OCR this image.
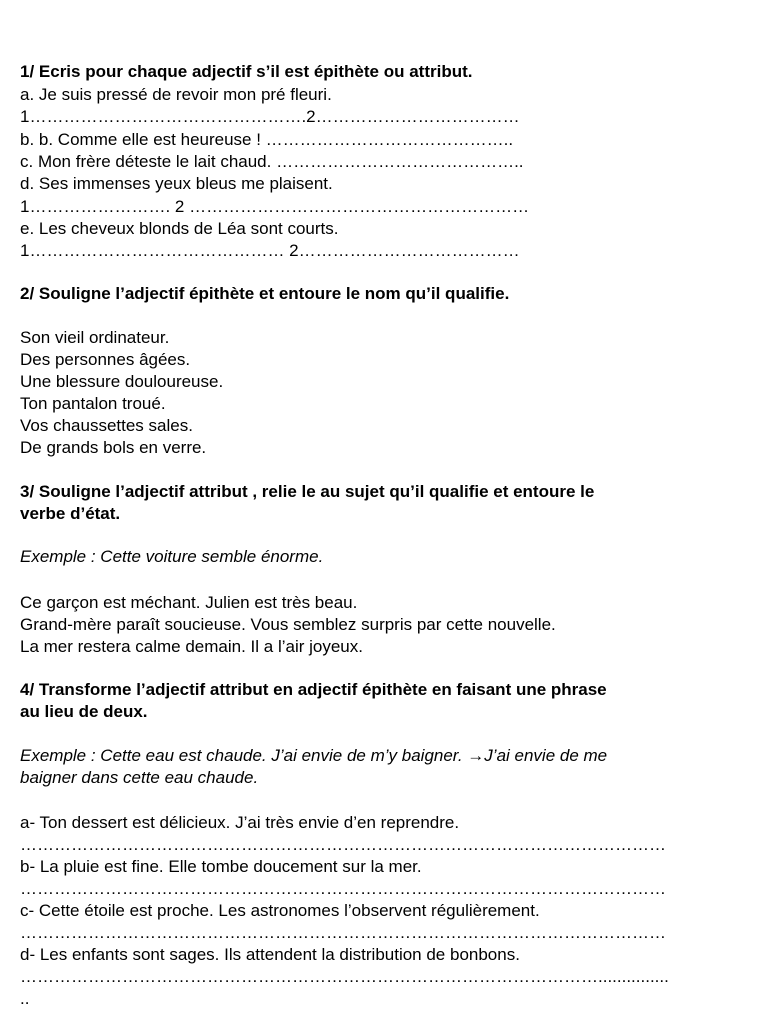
1/ Ecris pour chaque adjectif s’il est épithète ou attribut.
a. Je suis pressé de revoir mon pré fleuri.
1………………………………………….2………………………………
b. b. Comme elle est heureuse ! ……………………………………..
c. Mon frère déteste le lait chaud. ……………………………………..
d. Ses immenses yeux bleus me plaisent.
1……………………. 2 ……………………………………………………
e. Les cheveux blonds de Léa sont courts.
1……………………………………… 2…………………………………
2/ Souligne l’adjectif épithète et entoure le nom qu’il qualifie.
Son vieil ordinateur.
Des personnes âgées.
Une blessure douloureuse.
Ton pantalon troué.
Vos chaussettes sales.
De grands bols en verre.
3/ Souligne l’adjectif attribut , relie le au sujet qu’il qualifie et entoure le
verbe d’état.
Exemple : Cette voiture semble énorme.
Ce garçon est méchant. Julien est très beau.
Grand-mère paraît soucieuse. Vous semblez surpris par cette nouvelle.
La mer restera calme demain. Il a l’air joyeux.
4/ Transforme l’adjectif attribut en adjectif épithète en faisant une phrase
au lieu de deux.
Exemple : Cette eau est chaude. J’ai envie de m’y baigner. →J’ai envie de me
baigner dans cette eau chaude.
a- Ton dessert est délicieux. J’ai très envie d’en reprendre.
……………………………………………………………………………………………………
b- La pluie est fine. Elle tombe doucement sur la mer.
……………………………………………………………………………………………………
c- Cette étoile est proche. Les astronomes l’observent régulièrement.
……………………………………………………………………………………………………
d- Les enfants sont sages. Ils attendent la distribution de bonbons.
…………………………………………………………………………………………...............
..
